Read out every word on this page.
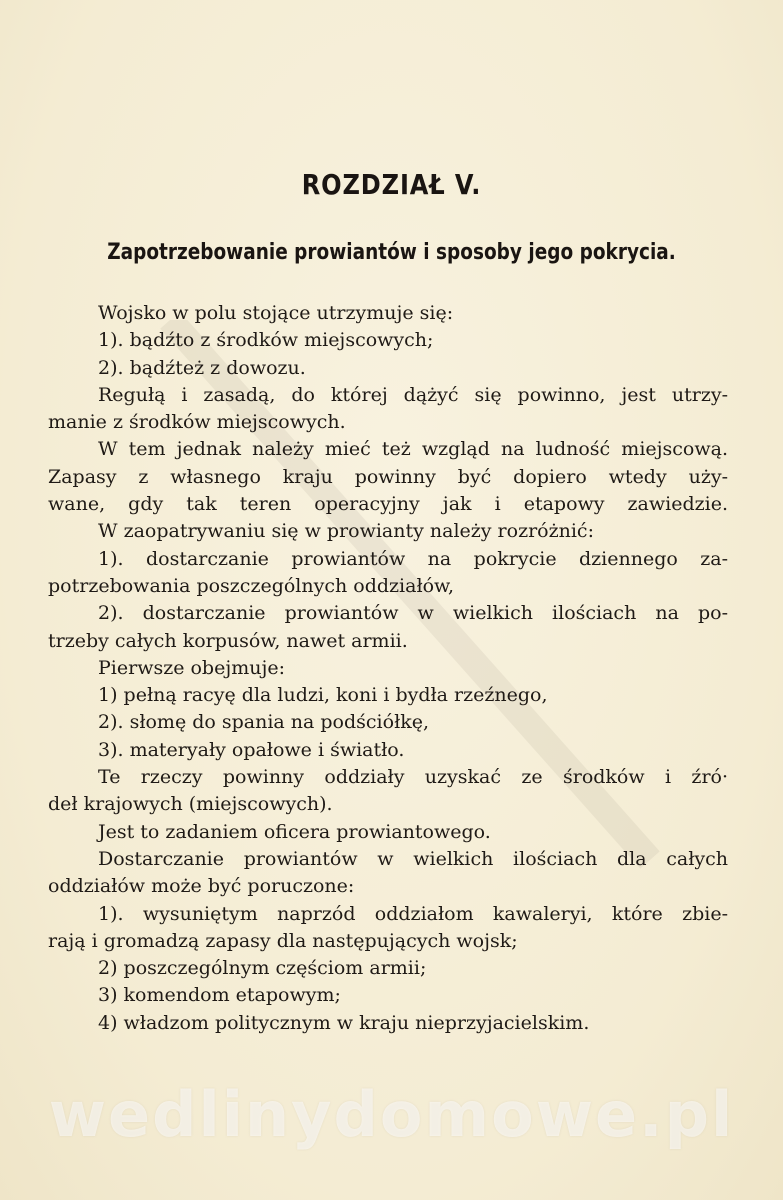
ROZDZIAŁ V.
Zapotrzebowanie prowiantów i sposoby jego pokrycia.
Wojsko w polu stojące utrzymuje się:
1). bądźto z środków miejscowych;
2). bądźteż z dowozu.
Regułą i zasadą, do której dążyć się powinno, jest utrzy-
manie z środków miejscowych.
W tem jednak należy mieć też wzgląd na ludność miejscową.
Zapasy z własnego kraju powinny być dopiero wtedy uży-
wane, gdy tak teren operacyjny jak i etapowy zawiedzie.
W zaopatrywaniu się w prowianty należy rozróżnić:
1). dostarczanie prowiantów na pokrycie dziennego za-
potrzebowania poszczególnych oddziałów,
2). dostarczanie prowiantów w wielkich ilościach na po-
trzeby całych korpusów, nawet armii.
Pierwsze obejmuje:
1) pełną racyę dla ludzi, koni i bydła rzeźnego,
2). słomę do spania na podściółkę,
3). materyały opałowe i światło.
Te rzeczy powinny oddziały uzyskać ze środków i źró·
deł krajowych (miejscowych).
Jest to zadaniem oficera prowiantowego.
Dostarczanie prowiantów w wielkich ilościach dla całych
oddziałów może być poruczone:
1). wysuniętym naprzód oddziałom kawaleryi, które zbie-
rają i gromadzą zapasy dla następujących wojsk;
2) poszczególnym częściom armii;
3) komendom etapowym;
4) władzom politycznym w kraju nieprzyjacielskim.
wedlinydomowe.pl
